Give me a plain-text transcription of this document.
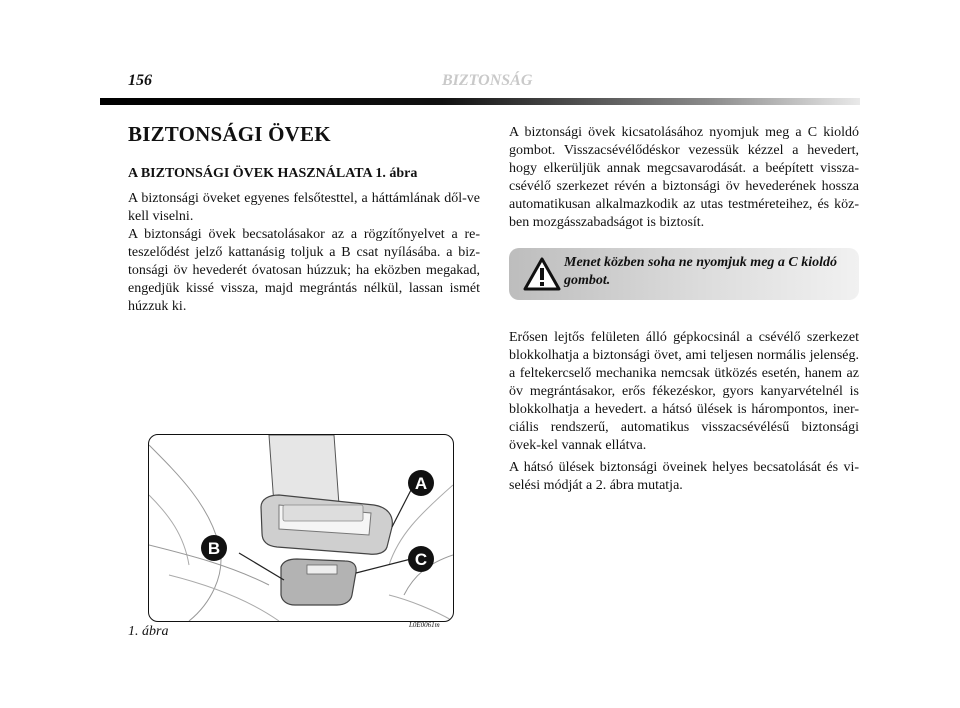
156	BIZTONSÁG
BIZTONSÁGI ÖVEK
A BIZTONSÁGI ÖVEK HASZNÁLATA 1. ábra

A biztonsági öveket egyenes felsőtesttel, a háttámlának dől-ve kell viselni.

A biztonsági övek becsatolásakor az a rögzítőnyelvet a re-teszelődést jelző kattanásig toljuk a B csat nyílásába. a biz-tonsági öv hevederét óvatosan húzzuk; ha eközben megakad, engedjük kissé vissza, majd megrántás nélkül, lassan ismét húzzuk ki.

A biztonsági övek kicsatolásához nyomjuk meg a C kioldó gombot. Visszacsévélődéskor vezessük kézzel a hevedert, hogy elkerüljük annak megcsavarodását. a beépített vissza-csévélő szerkezet révén a biztonsági öv hevederének hossza automatikusan alkalmazkodik az utas testméreteihez, és köz-ben mozgásszabadságot is biztosít.

Menet közben soha ne nyomjuk meg a C kioldó gombot.

Erősen lejtős felületen álló gépkocsinál a csévélő szerkezet blokkolhatja a biztonsági övet, ami teljesen normális jelenség. a feltekercselő mechanika nemcsak ütközés esetén, hanem az öv megrántásakor, erős fékezéskor, gyors kanyarvételnél is blokkolhatja a hevedert. a hátsó ülések is hárompontos, iner-ciális rendszerű, automatikus visszacsévélésű biztonsági övek-kel vannak ellátva.

A hátsó ülések biztonsági öveinek helyes becsatolását és vi-selési módját a 2. ábra mutatja.

A
B
C
L0E0061m
1. ábra
